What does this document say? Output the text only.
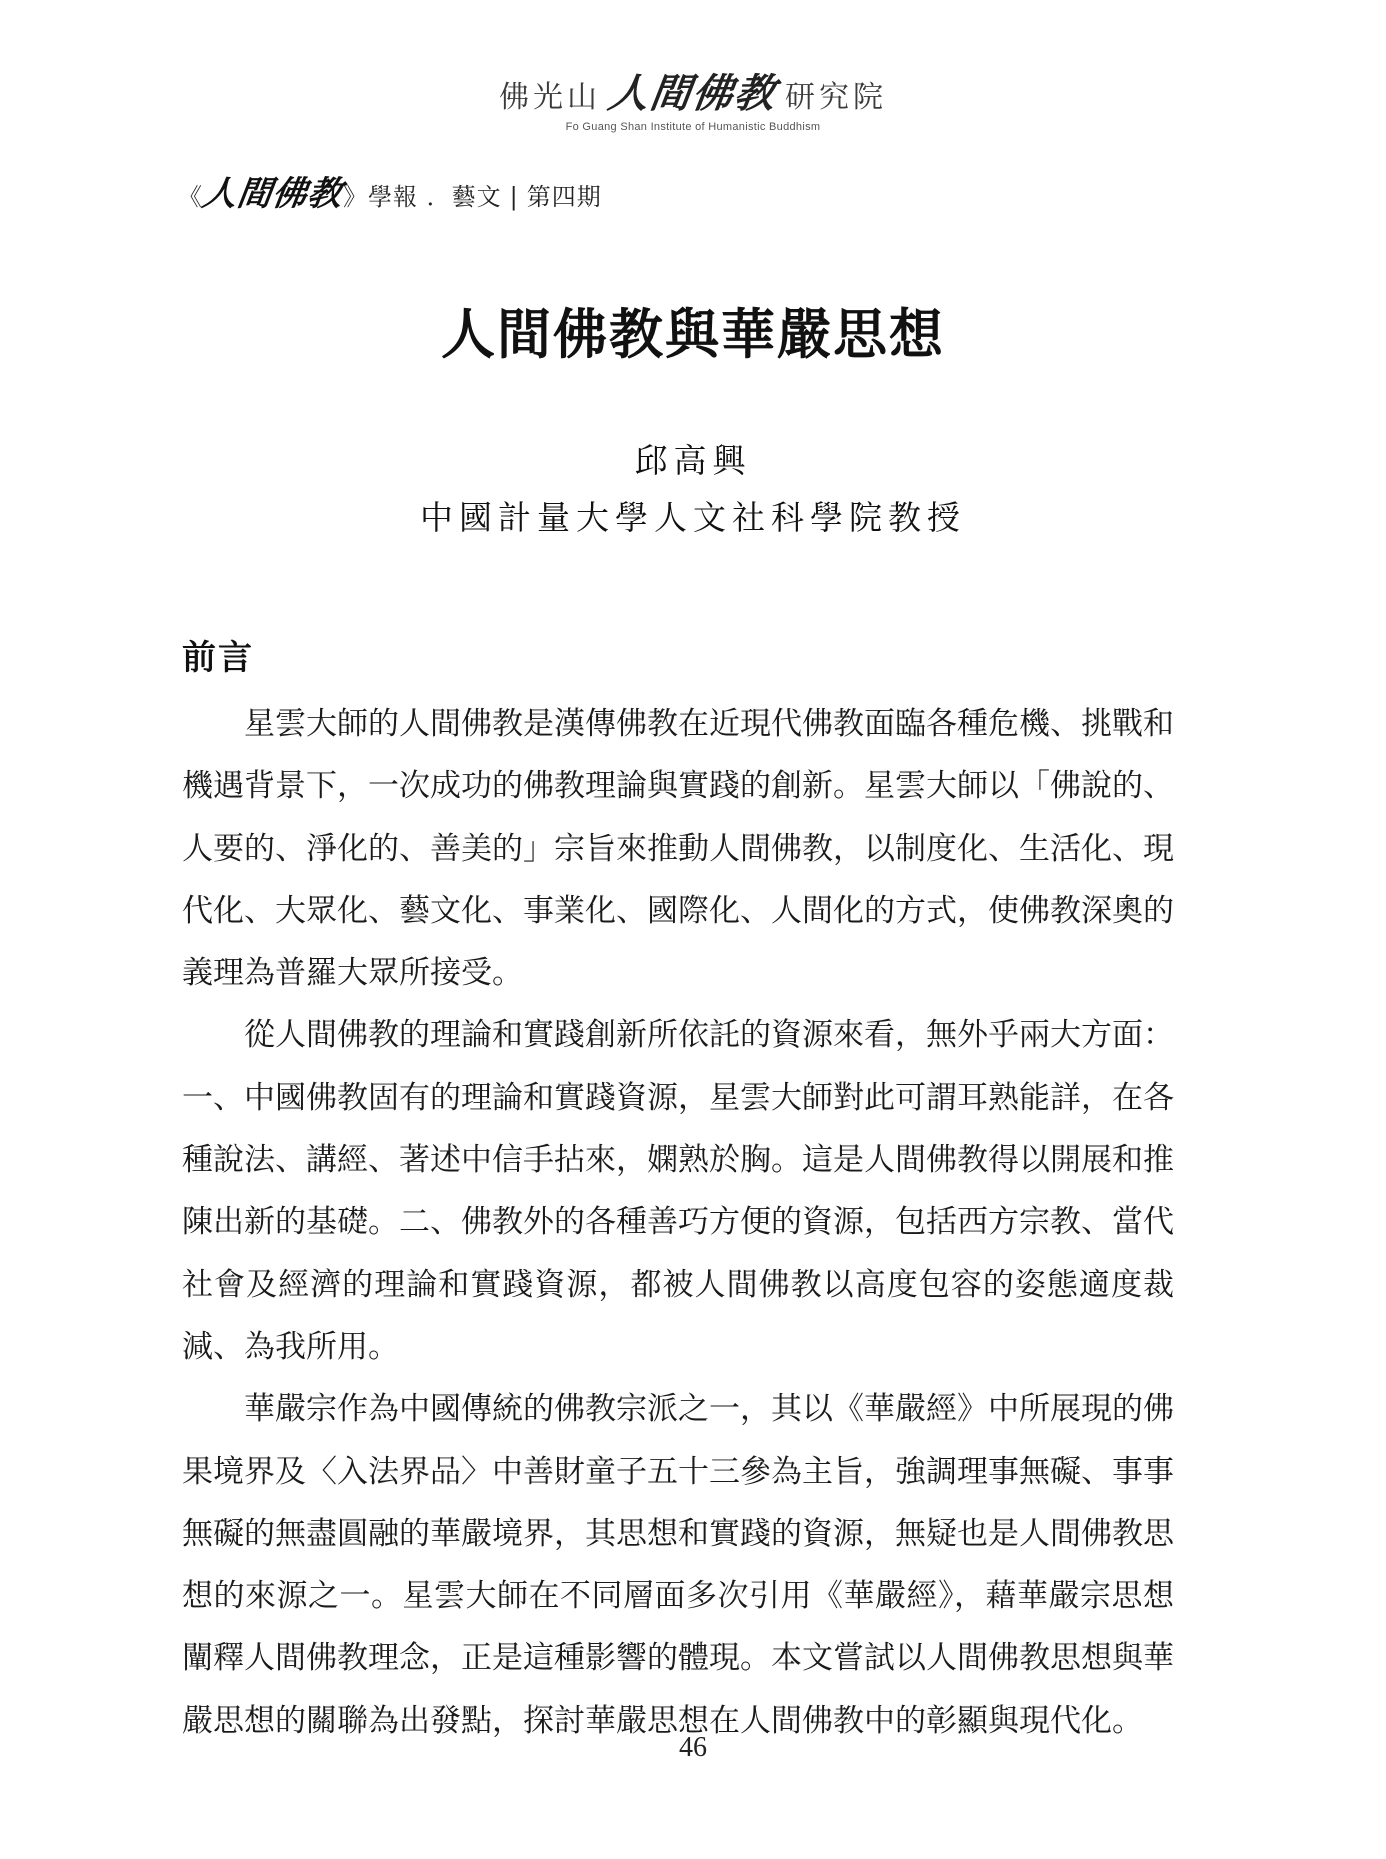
佛光山 人間佛教 研究院
Fo Guang Shan Institute of Humanistic Buddhism
《
人間佛教
》 學報 ．藝文 | 第四期
人間佛教與華嚴思想
邱高興
中國計量大學人文社科學院教授
前言

星雲大師的人間佛教是漢傳佛教在近現代佛教面臨各種危機、挑戰和機遇背景下，一次成功的佛教理論與實踐的創新。星雲大師以「佛說的、人要的、淨化的、善美的」宗旨來推動人間佛教，以制度化、生活化、現代化、大眾化、藝文化、事業化、國際化、人間化的方式，使佛教深奧的義理為普羅大眾所接受。

從人間佛教的理論和實踐創新所依託的資源來看，無外乎兩大方面：一、中國佛教固有的理論和實踐資源，星雲大師對此可謂耳熟能詳，在各種說法、講經、著述中信手拈來，嫻熟於胸。這是人間佛教得以開展和推陳出新的基礎。二、佛教外的各種善巧方便的資源，包括西方宗教、當代社會及經濟的理論和實踐資源，都被人間佛教以高度包容的姿態適度裁減、為我所用。

華嚴宗作為中國傳統的佛教宗派之一，其以《華嚴經》中所展現的佛果境界及〈入法界品〉中善財童子五十三參為主旨，強調理事無礙、事事無礙的無盡圓融的華嚴境界，其思想和實踐的資源，無疑也是人間佛教思想的來源之一。星雲大師在不同層面多次引用《華嚴經》，藉華嚴宗思想闡釋人間佛教理念，正是這種影響的體現。本文嘗試以人間佛教思想與華嚴思想的關聯為出發點，探討華嚴思想在人間佛教中的彰顯與現代化。

46
